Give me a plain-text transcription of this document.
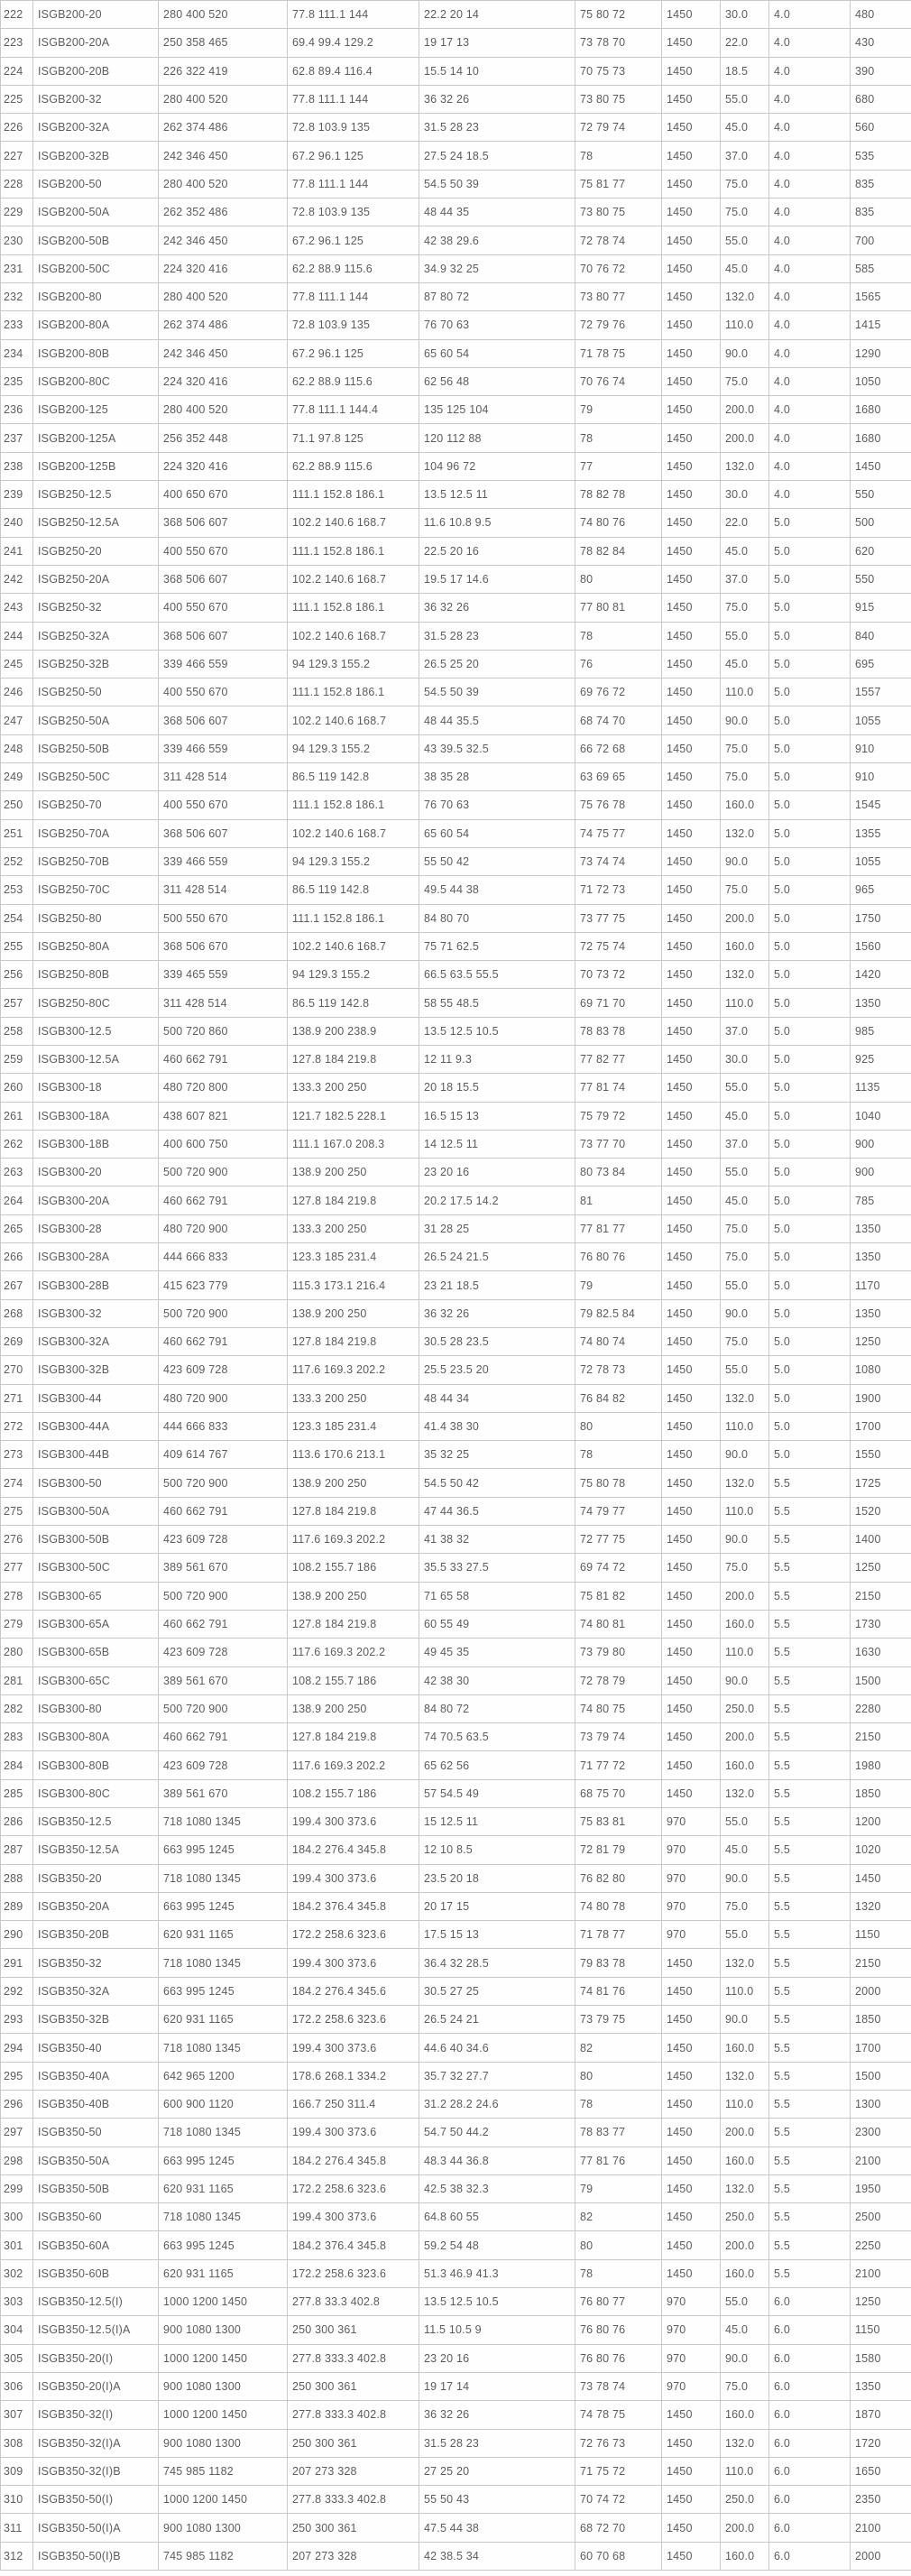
222	ISGB200-20	280 400 520	77.8 111.1 144	22.2 20 14	75 80 72	1450	30.0	4.0	480
223	ISGB200-20A	250 358 465	69.4 99.4 129.2	19 17 13	73 78 70	1450	22.0	4.0	430
224	ISGB200-20B	226 322 419	62.8 89.4 116.4	15.5 14 10	70 75 73	1450	18.5	4.0	390
225	ISGB200-32	280 400 520	77.8 111.1 144	36 32 26	73 80 75	1450	55.0	4.0	680
226	ISGB200-32A	262 374 486	72.8 103.9 135	31.5 28 23	72 79 74	1450	45.0	4.0	560
227	ISGB200-32B	242 346 450	67.2 96.1 125	27.5 24 18.5	78	1450	37.0	4.0	535
228	ISGB200-50	280 400 520	77.8 111.1 144	54.5 50 39	75 81 77	1450	75.0	4.0	835
229	ISGB200-50A	262 352 486	72.8 103.9 135	48 44 35	73 80 75	1450	75.0	4.0	835
230	ISGB200-50B	242 346 450	67.2 96.1 125	42 38 29.6	72 78 74	1450	55.0	4.0	700
231	ISGB200-50C	224 320 416	62.2 88.9 115.6	34.9 32 25	70 76 72	1450	45.0	4.0	585
232	ISGB200-80	280 400 520	77.8 111.1 144	87 80 72	73 80 77	1450	132.0	4.0	1565
233	ISGB200-80A	262 374 486	72.8 103.9 135	76 70 63	72 79 76	1450	110.0	4.0	1415
234	ISGB200-80B	242 346 450	67.2 96.1 125	65 60 54	71 78 75	1450	90.0	4.0	1290
235	ISGB200-80C	224 320 416	62.2 88.9 115.6	62 56 48	70 76 74	1450	75.0	4.0	1050
236	ISGB200-125	280 400 520	77.8 111.1 144.4	135 125 104	79	1450	200.0	4.0	1680
237	ISGB200-125A	256 352 448	71.1 97.8 125	120 112 88	78	1450	200.0	4.0	1680
238	ISGB200-125B	224 320 416	62.2 88.9 115.6	104 96 72	77	1450	132.0	4.0	1450
239	ISGB250-12.5	400 650 670	111.1 152.8 186.1	13.5 12.5 11	78 82 78	1450	30.0	4.0	550
240	ISGB250-12.5A	368 506 607	102.2 140.6 168.7	11.6 10.8 9.5	74 80 76	1450	22.0	5.0	500
241	ISGB250-20	400 550 670	111.1 152.8 186.1	22.5 20 16	78 82 84	1450	45.0	5.0	620
242	ISGB250-20A	368 506 607	102.2 140.6 168.7	19.5 17 14.6	80	1450	37.0	5.0	550
243	ISGB250-32	400 550 670	111.1 152.8 186.1	36 32 26	77 80 81	1450	75.0	5.0	915
244	ISGB250-32A	368 506 607	102.2 140.6 168.7	31.5 28 23	78	1450	55.0	5.0	840
245	ISGB250-32B	339 466 559	94 129.3 155.2	26.5 25 20	76	1450	45.0	5.0	695
246	ISGB250-50	400 550 670	111.1 152.8 186.1	54.5 50 39	69 76 72	1450	110.0	5.0	1557
247	ISGB250-50A	368 506 607	102.2 140.6 168.7	48 44 35.5	68 74 70	1450	90.0	5.0	1055
248	ISGB250-50B	339 466 559	94 129.3 155.2	43 39.5 32.5	66 72 68	1450	75.0	5.0	910
249	ISGB250-50C	311 428 514	86.5 119 142.8	38 35 28	63 69 65	1450	75.0	5.0	910
250	ISGB250-70	400 550 670	111.1 152.8 186.1	76 70 63	75 76 78	1450	160.0	5.0	1545
251	ISGB250-70A	368 506 607	102.2 140.6 168.7	65 60 54	74 75 77	1450	132.0	5.0	1355
252	ISGB250-70B	339 466 559	94 129.3 155.2	55 50 42	73 74 74	1450	90.0	5.0	1055
253	ISGB250-70C	311 428 514	86.5 119 142.8	49.5 44 38	71 72 73	1450	75.0	5.0	965
254	ISGB250-80	500 550 670	111.1 152.8 186.1	84 80 70	73 77 75	1450	200.0	5.0	1750
255	ISGB250-80A	368 506 670	102.2 140.6 168.7	75 71 62.5	72 75 74	1450	160.0	5.0	1560
256	ISGB250-80B	339 465 559	94 129.3 155.2	66.5 63.5 55.5	70 73 72	1450	132.0	5.0	1420
257	ISGB250-80C	311 428 514	86.5 119 142.8	58 55 48.5	69 71 70	1450	110.0	5.0	1350
258	ISGB300-12.5	500 720 860	138.9 200 238.9	13.5 12.5 10.5	78 83 78	1450	37.0	5.0	985
259	ISGB300-12.5A	460 662 791	127.8 184 219.8	12 11 9.3	77 82 77	1450	30.0	5.0	925
260	ISGB300-18	480 720 800	133.3 200 250	20 18 15.5	77 81 74	1450	55.0	5.0	1135
261	ISGB300-18A	438 607 821	121.7 182.5 228.1	16.5 15 13	75 79 72	1450	45.0	5.0	1040
262	ISGB300-18B	400 600 750	111.1 167.0 208.3	14 12.5 11	73 77 70	1450	37.0	5.0	900
263	ISGB300-20	500 720 900	138.9 200 250	23 20 16	80 73 84	1450	55.0	5.0	900
264	ISGB300-20A	460 662 791	127.8 184 219.8	20.2 17.5 14.2	81	1450	45.0	5.0	785
265	ISGB300-28	480 720 900	133.3 200 250	31 28 25	77 81 77	1450	75.0	5.0	1350
266	ISGB300-28A	444 666 833	123.3 185 231.4	26.5 24 21.5	76 80 76	1450	75.0	5.0	1350
267	ISGB300-28B	415 623 779	115.3 173.1 216.4	23 21 18.5	79	1450	55.0	5.0	1170
268	ISGB300-32	500 720 900	138.9 200 250	36 32 26	79 82.5 84	1450	90.0	5.0	1350
269	ISGB300-32A	460 662 791	127.8 184 219.8	30.5 28 23.5	74 80 74	1450	75.0	5.0	1250
270	ISGB300-32B	423 609 728	117.6 169.3 202.2	25.5 23.5 20	72 78 73	1450	55.0	5.0	1080
271	ISGB300-44	480 720 900	133.3 200 250	48 44 34	76 84 82	1450	132.0	5.0	1900
272	ISGB300-44A	444 666 833	123.3 185 231.4	41.4 38 30	80	1450	110.0	5.0	1700
273	ISGB300-44B	409 614 767	113.6 170.6 213.1	35 32 25	78	1450	90.0	5.0	1550
274	ISGB300-50	500 720 900	138.9 200 250	54.5 50 42	75 80 78	1450	132.0	5.5	1725
275	ISGB300-50A	460 662 791	127.8 184 219.8	47 44 36.5	74 79 77	1450	110.0	5.5	1520
276	ISGB300-50B	423 609 728	117.6 169.3 202.2	41 38 32	72 77 75	1450	90.0	5.5	1400
277	ISGB300-50C	389 561 670	108.2 155.7 186	35.5 33 27.5	69 74 72	1450	75.0	5.5	1250
278	ISGB300-65	500 720 900	138.9 200 250	71 65 58	75 81 82	1450	200.0	5.5	2150
279	ISGB300-65A	460 662 791	127.8 184 219.8	60 55 49	74 80 81	1450	160.0	5.5	1730
280	ISGB300-65B	423 609 728	117.6 169.3 202.2	49 45 35	73 79 80	1450	110.0	5.5	1630
281	ISGB300-65C	389 561 670	108.2 155.7 186	42 38 30	72 78 79	1450	90.0	5.5	1500
282	ISGB300-80	500 720 900	138.9 200 250	84 80 72	74 80 75	1450	250.0	5.5	2280
283	ISGB300-80A	460 662 791	127.8 184 219.8	74 70.5 63.5	73 79 74	1450	200.0	5.5	2150
284	ISGB300-80B	423 609 728	117.6 169.3 202.2	65 62 56	71 77 72	1450	160.0	5.5	1980
285	ISGB300-80C	389 561 670	108.2 155.7 186	57 54.5 49	68 75 70	1450	132.0	5.5	1850
286	ISGB350-12.5	718 1080 1345	199.4 300 373.6	15 12.5 11	75 83 81	970	55.0	5.5	1200
287	ISGB350-12.5A	663 995 1245	184.2 276.4 345.8	12 10 8.5	72 81 79	970	45.0	5.5	1020
288	ISGB350-20	718 1080 1345	199.4 300 373.6	23.5 20 18	76 82 80	970	90.0	5.5	1450
289	ISGB350-20A	663 995 1245	184.2 376.4 345.8	20 17 15	74 80 78	970	75.0	5.5	1320
290	ISGB350-20B	620 931 1165	172.2 258.6 323.6	17.5 15 13	71 78 77	970	55.0	5.5	1150
291	ISGB350-32	718 1080 1345	199.4 300 373.6	36.4 32 28.5	79 83 78	1450	132.0	5.5	2150
292	ISGB350-32A	663 995 1245	184.2 276.4 345.6	30.5 27 25	74 81 76	1450	110.0	5.5	2000
293	ISGB350-32B	620 931 1165	172.2 258.6 323.6	26.5 24 21	73 79 75	1450	90.0	5.5	1850
294	ISGB350-40	718 1080 1345	199.4 300 373.6	44.6 40 34.6	82	1450	160.0	5.5	1700
295	ISGB350-40A	642 965 1200	178.6 268.1 334.2	35.7 32 27.7	80	1450	132.0	5.5	1500
296	ISGB350-40B	600 900 1120	166.7 250 311.4	31.2 28.2 24.6	78	1450	110.0	5.5	1300
297	ISGB350-50	718 1080 1345	199.4 300 373.6	54.7 50 44.2	78 83 77	1450	200.0	5.5	2300
298	ISGB350-50A	663 995 1245	184.2 276.4 345.8	48.3 44 36.8	77 81 76	1450	160.0	5.5	2100
299	ISGB350-50B	620 931 1165	172.2 258.6 323.6	42.5 38 32.3	79	1450	132.0	5.5	1950
300	ISGB350-60	718 1080 1345	199.4 300 373.6	64.8 60 55	82	1450	250.0	5.5	2500
301	ISGB350-60A	663 995 1245	184.2 376.4 345.8	59.2 54 48	80	1450	200.0	5.5	2250
302	ISGB350-60B	620 931 1165	172.2 258.6 323.6	51.3 46.9 41.3	78	1450	160.0	5.5	2100
303	ISGB350-12.5(I)	1000 1200 1450	277.8 33.3 402.8	13.5 12.5 10.5	76 80 77	970	55.0	6.0	1250
304	ISGB350-12.5(I)A	900 1080 1300	250 300 361	11.5 10.5 9	76 80 76	970	45.0	6.0	1150
305	ISGB350-20(I)	1000 1200 1450	277.8 333.3 402.8	23 20 16	76 80 76	970	90.0	6.0	1580
306	ISGB350-20(I)A	900 1080 1300	250 300 361	19 17 14	73 78 74	970	75.0	6.0	1350
307	ISGB350-32(I)	1000 1200 1450	277.8 333.3 402.8	36 32 26	74 78 75	1450	160.0	6.0	1870
308	ISGB350-32(I)A	900 1080 1300	250 300 361	31.5 28 23	72 76 73	1450	132.0	6.0	1720
309	ISGB350-32(I)B	745 985 1182	207 273 328	27 25 20	71 75 72	1450	110.0	6.0	1650
310	ISGB350-50(I)	1000 1200 1450	277.8 333.3 402.8	55 50 43	70 74 72	1450	250.0	6.0	2350
311	ISGB350-50(I)A	900 1080 1300	250 300 361	47.5 44 38	68 72 70	1450	200.0	6.0	2100
312	ISGB350-50(I)B	745 985 1182	207 273 328	42 38.5 34	60 70 68	1450	160.0	6.0	2000
